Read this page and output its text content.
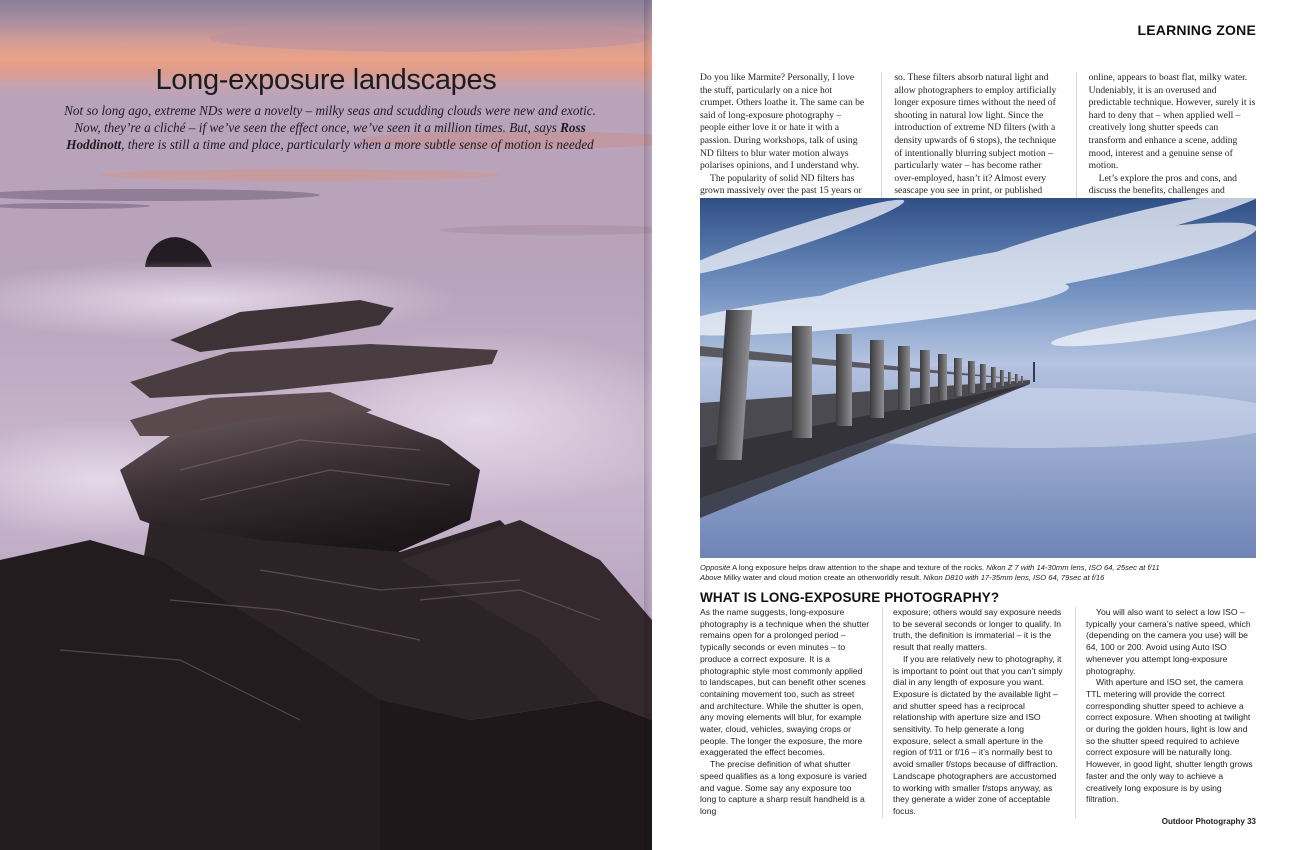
Long-exposure landscapes
Not so long ago, extreme NDs were a novelty – milky seas and scudding clouds were new and exotic. Now, they’re a cliché – if we’ve seen the effect once, we’ve seen it a million times. But, says Ross Hoddinott, there is still a time and place, particularly when a more subtle sense of motion is needed
LEARNING ZONE

Do you like Marmite? Personally, I love the stuff, particularly on a nice hot crumpet. Others loathe it. The same can be said of long-exposure photography – people either love it or hate it with a passion. During workshops, talk of using ND filters to blur water motion always polarises opinions, and I understand why.

The popularity of solid ND filters has grown massively over the past 15 years or

so. These filters absorb natural light and allow photographers to employ artificially longer exposure times without the need of shooting in natural low light. Since the introduction of extreme ND filters (with a density upwards of 6 stops), the technique of intentionally blurring subject motion – particularly water – has become rather over-employed, hasn’t it? Almost every seascape you see in print, or published

online, appears to boast flat, milky water. Undeniably, it is an overused and predictable technique. However, surely it is hard to deny that – when applied well – creatively long shutter speeds can transform and enhance a scene, adding mood, interest and a genuine sense of motion.

Let’s explore the pros and cons, and discuss the benefits, challenges and

Opposite A long exposure helps draw attention to the shape and texture of the rocks. Nikon Z 7 with 14-30mm lens, ISO 64, 25sec at f/11
Above Milky water and cloud motion create an otherworldly result. Nikon D810 with 17-35mm lens, ISO 64, 79sec at f/16
WHAT IS LONG-EXPOSURE PHOTOGRAPHY?

As the name suggests, long-exposure photography is a technique when the shutter remains open for a prolonged period – typically seconds or even minutes – to produce a correct exposure. It is a photographic style most commonly applied to landscapes, but can benefit other scenes containing movement too, such as street and architecture. While the shutter is open, any moving elements will blur, for example water, cloud, vehicles, swaying crops or people. The longer the exposure, the more exaggerated the effect becomes.

The precise definition of what shutter speed qualifies as a long exposure is varied and vague. Some say any exposure too long to capture a sharp result handheld is a long

exposure; others would say exposure needs to be several seconds or longer to qualify. In truth, the definition is immaterial – it is the result that really matters.

If you are relatively new to photography, it is important to point out that you can’t simply dial in any length of exposure you want. Exposure is dictated by the available light – and shutter speed has a reciprocal relationship with aperture size and ISO sensitivity. To help generate a long exposure, select a small aperture in the region of f/11 or f/16 – it’s normally best to avoid smaller f/stops because of diffraction. Landscape photographers are accustomed to working with smaller f/stops anyway, as they generate a wider zone of acceptable focus.

You will also want to select a low ISO – typically your camera’s native speed, which (depending on the camera you use) will be 64, 100 or 200. Avoid using Auto ISO whenever you attempt long-exposure photography.

With aperture and ISO set, the camera TTL metering will provide the correct corresponding shutter speed to achieve a correct exposure. When shooting at twilight or during the golden hours, light is low and so the shutter speed required to achieve correct exposure will be naturally long. However, in good light, shutter length grows faster and the only way to achieve a creatively long exposure is by using filtration.

Outdoor Photography 33
